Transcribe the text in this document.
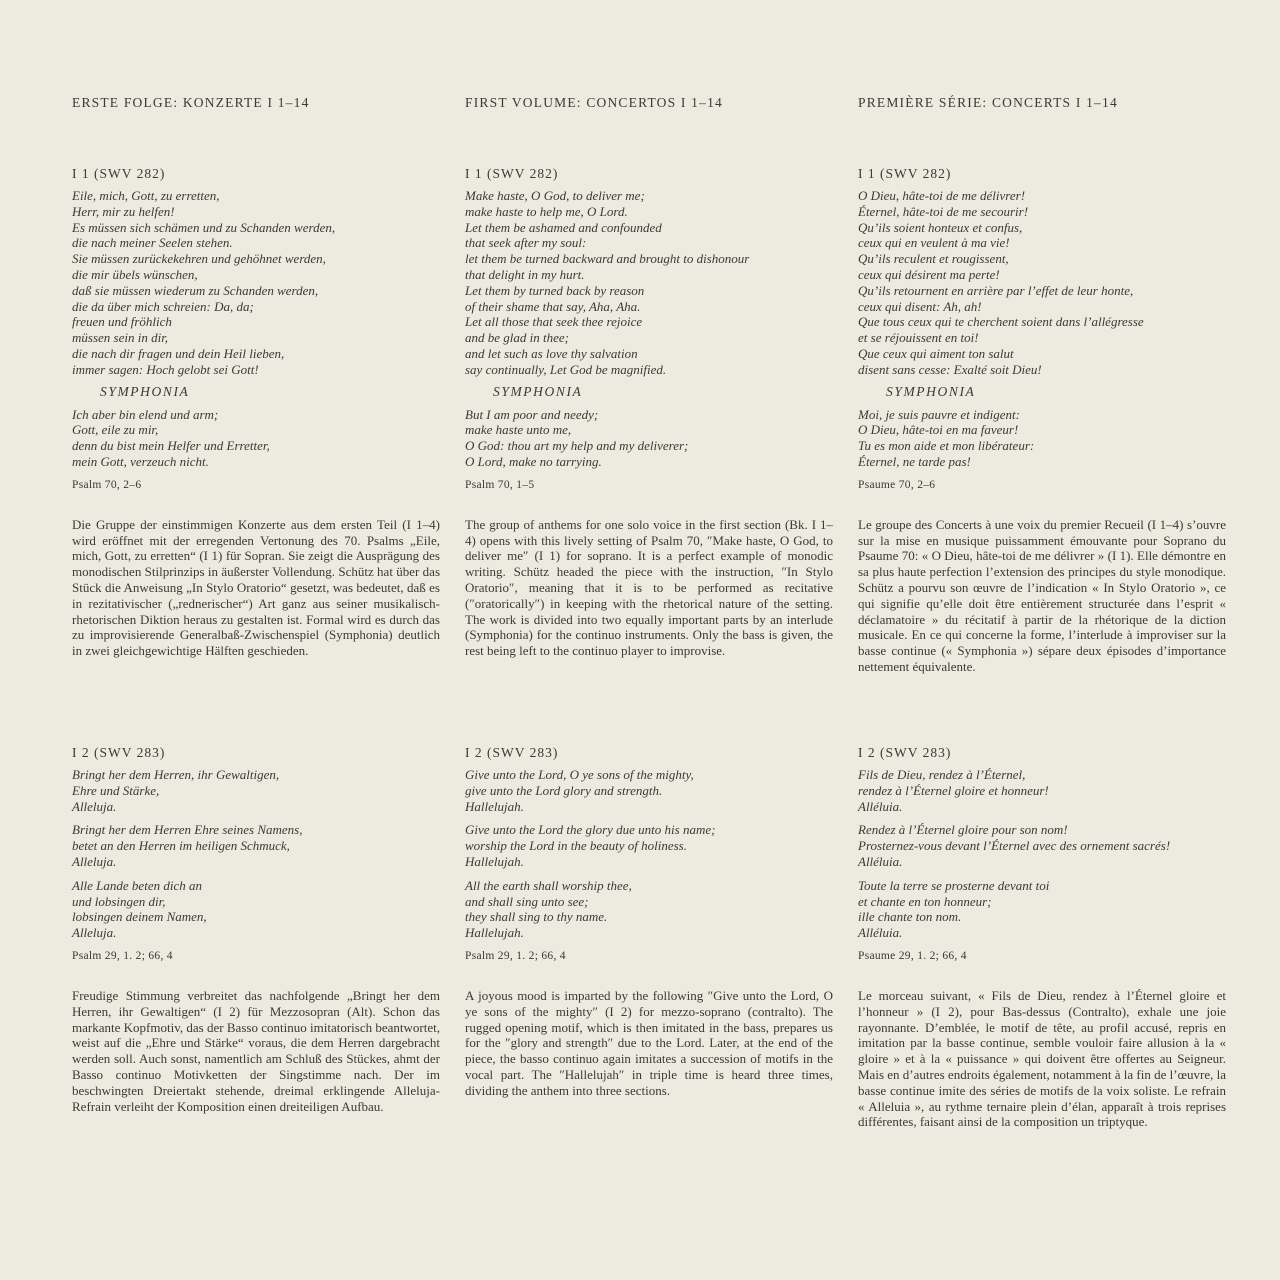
ERSTE FOLGE: KONZERTE I 1–14
I 1 (SWV 282)
Eile, mich, Gott, zu erretten,
Herr, mir zu helfen!
Es müssen sich schämen und zu Schanden werden,
die nach meiner Seelen stehen.
Sie müssen zurückekehren und gehöhnet werden,
die mir übels wünschen,
daß sie müssen wiederum zu Schanden werden,
die da über mich schreien: Da, da;
freuen und fröhlich
müssen sein in dir,
die nach dir fragen und dein Heil lieben,
immer sagen: Hoch gelobt sei Gott!
SYMPHONIA
Ich aber bin elend und arm;
Gott, eile zu mir,
denn du bist mein Helfer und Erretter,
mein Gott, verzeuch nicht.
Psalm 70, 2–6
Die Gruppe der einstimmigen Konzerte aus dem ersten Teil (I 1–4) wird eröffnet mit der erregenden Vertonung des 70. Psalms „Eile, mich, Gott, zu erretten“ (I 1) für Sopran. Sie zeigt die Ausprägung des monodischen Stilprinzips in äußerster Vollendung. Schütz hat über das Stück die Anweisung „In Stylo Oratorio“ gesetzt, was bedeutet, daß es in rezitativischer („rednerischer“) Art ganz aus seiner musikalisch-rhetorischen Diktion heraus zu gestalten ist. Formal wird es durch das zu improvisierende Generalbaß-Zwischenspiel (Symphonia) deutlich in zwei gleichgewichtige Hälften geschieden.
I 2 (SWV 283)
Bringt her dem Herren, ihr Gewaltigen,
Ehre und Stärke,
Alleluja.
Bringt her dem Herren Ehre seines Namens,
betet an den Herren im heiligen Schmuck,
Alleluja.
Alle Lande beten dich an
und lobsingen dir,
lobsingen deinem Namen,
Alleluja.
Psalm 29, 1. 2; 66, 4
Freudige Stimmung verbreitet das nachfolgende „Bringt her dem Herren, ihr Gewaltigen“ (I 2) für Mezzosopran (Alt). Schon das markante Kopfmotiv, das der Basso continuo imitatorisch beantwortet, weist auf die „Ehre und Stärke“ voraus, die dem Herren dargebracht werden soll. Auch sonst, namentlich am Schluß des Stückes, ahmt der Basso continuo Motivketten der Singstimme nach. Der im beschwingten Dreiertakt stehende, dreimal erklingende Alleluja-Refrain verleiht der Komposition einen dreiteiligen Aufbau.
FIRST VOLUME: CONCERTOS I 1–14
I 1 (SWV 282)
Make haste, O God, to deliver me;
make haste to help me, O Lord.
Let them be ashamed and confounded
that seek after my soul:
let them be turned backward and brought to dishonour
that delight in my hurt.
Let them by turned back by reason
of their shame that say, Aha, Aha.
Let all those that seek thee rejoice
and be glad in thee;
and let such as love thy salvation
say continually, Let God be magnified.
SYMPHONIA
But I am poor and needy;
make haste unto me,
O God: thou art my help and my deliverer;
O Lord, make no tarrying.
Psalm 70, 1–5
The group of anthems for one solo voice in the first section (Bk. I 1–4) opens with this lively setting of Psalm 70, ″Make haste, O God, to deliver me″ (I 1) for soprano. It is a perfect example of monodic writing. Schütz headed the piece with the instruction, ″In Stylo Oratorio″, meaning that it is to be performed as recitative (″oratorically″) in keeping with the rhetorical nature of the setting. The work is divided into two equally important parts by an interlude (Symphonia) for the continuo instruments. Only the bass is given, the rest being left to the continuo player to improvise.
I 2 (SWV 283)
Give unto the Lord, O ye sons of the mighty,
give unto the Lord glory and strength.
Hallelujah.
Give unto the Lord the glory due unto his name;
worship the Lord in the beauty of holiness.
Hallelujah.
All the earth shall worship thee,
and shall sing unto see;
they shall sing to thy name.
Hallelujah.
Psalm 29, 1. 2; 66, 4
A joyous mood is imparted by the following ″Give unto the Lord, O ye sons of the mighty″ (I 2) for mezzo-soprano (contralto). The rugged opening motif, which is then imitated in the bass, prepares us for the ″glory and strength″ due to the Lord. Later, at the end of the piece, the basso continuo again imitates a succession of motifs in the vocal part. The ″Hallelujah″ in triple time is heard three times, dividing the anthem into three sections.
PREMIÈRE SÉRIE: CONCERTS I 1–14
I 1 (SWV 282)
O Dieu, hâte-toi de me délivrer!
Éternel, hâte-toi de me secourir!
Qu’ils soient honteux et confus,
ceux qui en veulent à ma vie!
Qu’ils reculent et rougissent,
ceux qui désirent ma perte!
Qu’ils retournent en arrière par l’effet de leur honte,
ceux qui disent: Ah, ah!
Que tous ceux qui te cherchent soient dans l’allégresse
et se réjouissent en toi!
Que ceux qui aiment ton salut
disent sans cesse: Exalté soit Dieu!
SYMPHONIA
Moi, je suis pauvre et indigent:
O Dieu, hâte-toi en ma faveur!
Tu es mon aide et mon libérateur:
Éternel, ne tarde pas!
Psaume 70, 2–6
Le groupe des Concerts à une voix du premier Recueil (I 1–4) s’ouvre sur la mise en musique puissamment émouvante pour Soprano du Psaume 70: « O Dieu, hâte-toi de me délivrer » (I 1). Elle démontre en sa plus haute perfection l’extension des principes du style monodique. Schütz a pourvu son œuvre de l’indication « In Stylo Oratorio », ce qui signifie qu’elle doit être entièrement structurée dans l’esprit « déclamatoire » du récitatif à partir de la rhétorique de la diction musicale. En ce qui concerne la forme, l’interlude à improviser sur la basse continue (« Symphonia ») sépare deux épisodes d’importance nettement équivalente.
I 2 (SWV 283)
Fils de Dieu, rendez à l’Éternel,
rendez à l’Éternel gloire et honneur!
Alléluia.
Rendez à l’Éternel gloire pour son nom!
Prosternez-vous devant l’Éternel avec des ornement sacrés!
Alléluia.
Toute la terre se prosterne devant toi
et chante en ton honneur;
ille chante ton nom.
Alléluia.
Psaume 29, 1. 2; 66, 4
Le morceau suivant, « Fils de Dieu, rendez à l’Éternel gloire et l’honneur » (I 2), pour Bas-dessus (Contralto), exhale une joie rayonnante. D’emblée, le motif de tête, au profil accusé, repris en imitation par la basse continue, semble vouloir faire allusion à la « gloire » et à la « puissance » qui doivent être offertes au Seigneur. Mais en d’autres endroits également, notamment à la fin de l’œuvre, la basse continue imite des séries de motifs de la voix soliste. Le refrain « Alleluia », au rythme ternaire plein d’élan, apparaît à trois reprises différentes, faisant ainsi de la composition un triptyque.
